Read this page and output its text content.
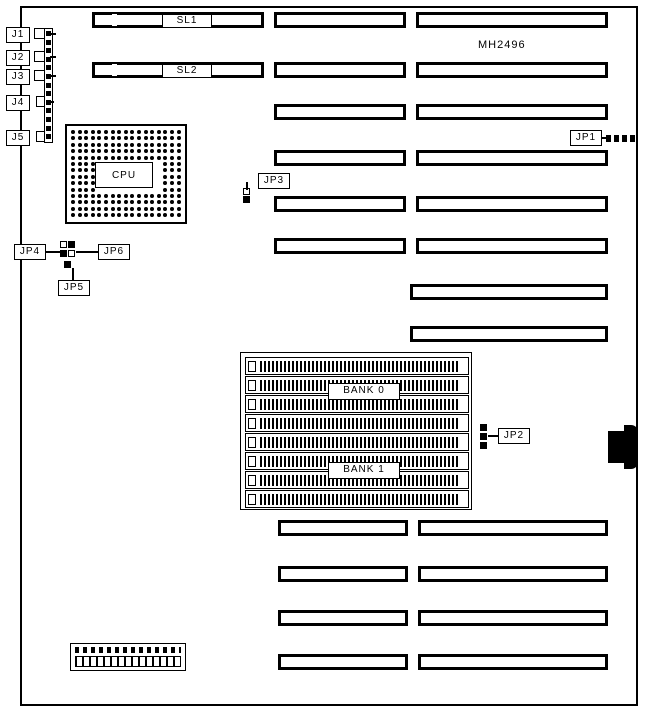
MH2496
SL1
SL2
CPU
J1
J2
J3
J4
J5	JP1
JP3
JP4	JP6
JP5
JP2
BANK 0
BANK 1
